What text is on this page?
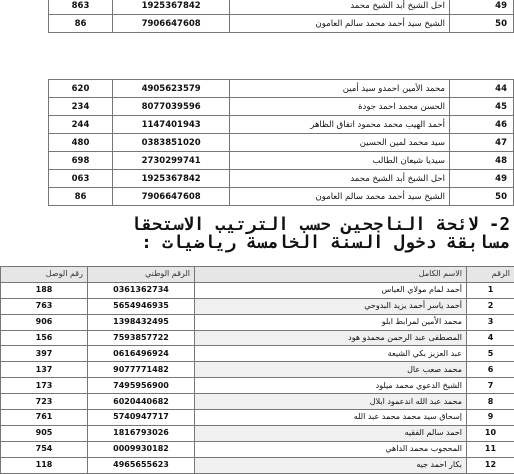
863	1925367842	احل الشيخ أبد الشيخ محمد	49
86	7906647608	الشيخ سيد أحمد محمد سالم العامون	50
620	4905623579	محمد الأمين احمدو سيد أمين	44
234	8077039596	الحسن محمد احمد جودة	45
244	1147401943	أحمد الهيب محمد محمود اتفاق الظاهر	46
480	0383851020	سيد محمد لمين الحسين	47
698	2730299741	سيديا شيعان الطالب	48
063	1925367842	احل الشيخ أبد الشيخ محمد	49
86	7906647608	الشيخ سيد أحمد محمد سالم العامون	50
2- لائحة الناجحين حسب الترتيب الاستحقا
مسابقة دخول السنة الخامسة رياضيات :
رقم الوصل	الرقم الوطني	الاسم الكامل	الرقم
188	0361362734	أحمد لمام مولاي العباس	1
763	5654946935	أحمد ياسر أحمد يزيد البدوحي	2
906	1398432495	محمد الأمين لمرابط ابلو	3
156	7593857722	المصطفى عبد الرحمن محمدو هود	4
397	0616496924	عبد العزيز بكي الشيعة	5
137	9077771482	محمد صعب عال	6
173	7495956900	الشيخ الدعوي محمد ميلود	7
723	6020440682	محمد عبد الله اندعمود ابلال	8
761	5740947717	إسحاق سيد محمد محمد عبد الله	9
905	1816793026	احمد سالم الفقيه	10
754	0009930182	المحجوب محمد الداهي	11
118	4965655623	بكار احمد جيه	12
